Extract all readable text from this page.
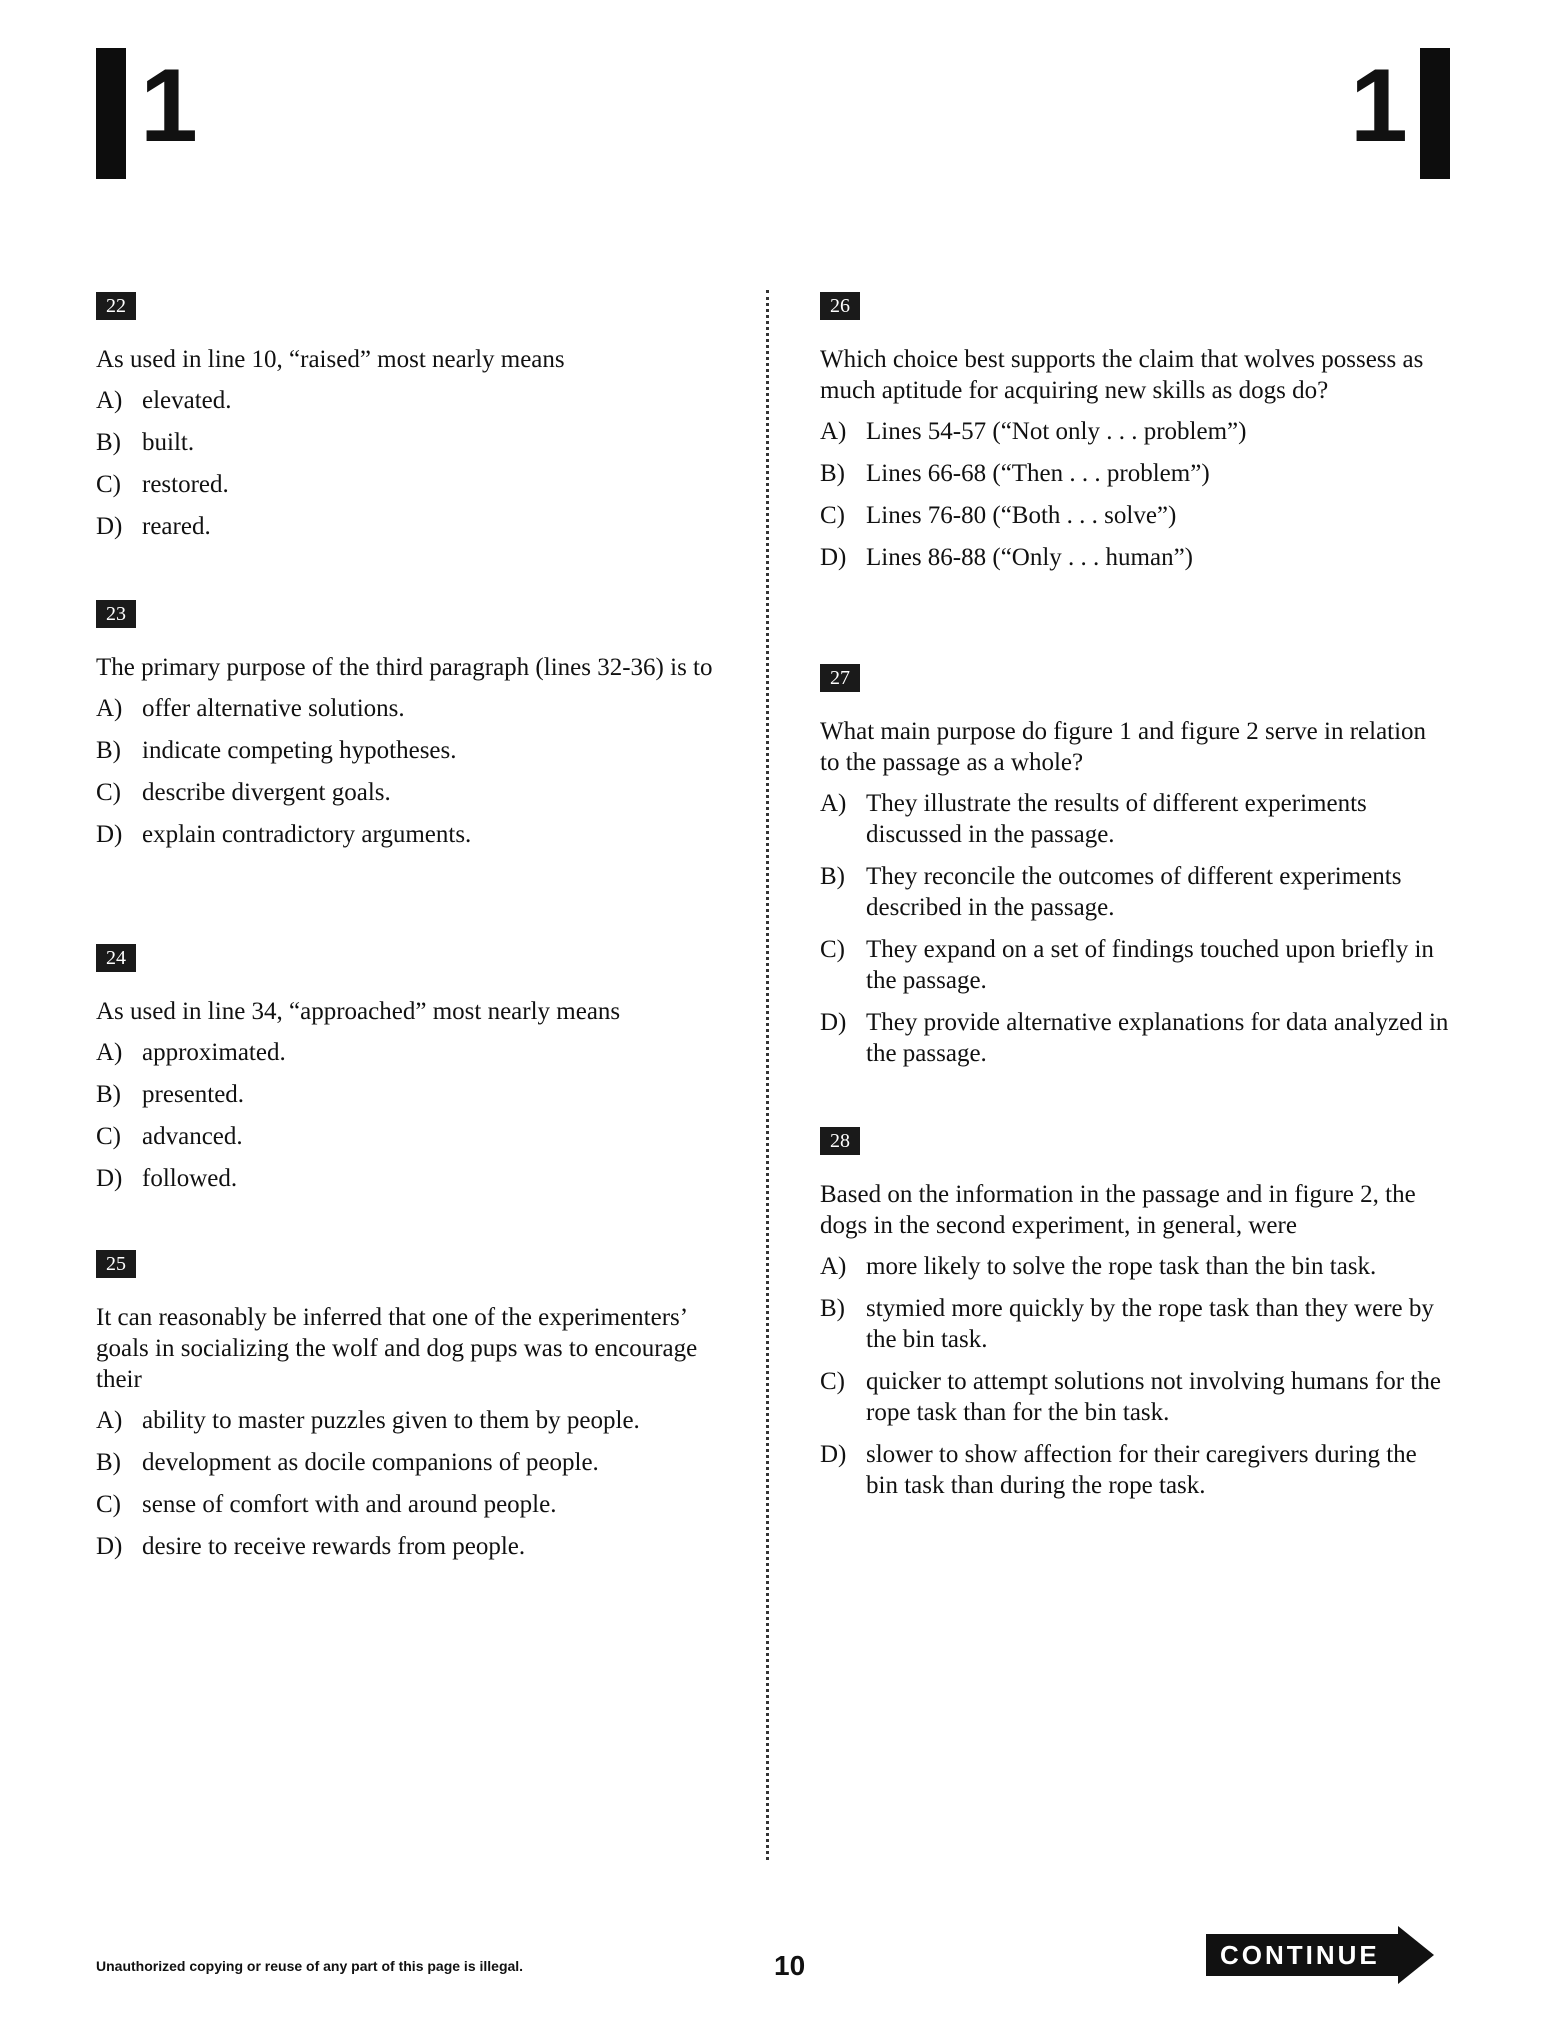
1	1
22
As used in line 10, “raised” most nearly means
A) elevated.
B) built.
C) restored.
D) reared.
23
The primary purpose of the third paragraph (lines 32-36) is to
A) offer alternative solutions.
B) indicate competing hypotheses.
C) describe divergent goals.
D) explain contradictory arguments.
24
As used in line 34, “approached” most nearly means
A) approximated.
B) presented.
C) advanced.
D) followed.
25
It can reasonably be inferred that one of the experimenters’ goals in socializing the wolf and dog pups was to encourage their
A) ability to master puzzles given to them by people.
B) development as docile companions of people.
C) sense of comfort with and around people.
D) desire to receive rewards from people.
26
Which choice best supports the claim that wolves possess as much aptitude for acquiring new skills as dogs do?
A) Lines 54-57 (“Not only . . . problem”)
B) Lines 66-68 (“Then . . . problem”)
C) Lines 76-80 (“Both . . . solve”)
D) Lines 86-88 (“Only . . . human”)
27
What main purpose do figure 1 and figure 2 serve in relation to the passage as a whole?
A) They illustrate the results of different experiments discussed in the passage.
B) They reconcile the outcomes of different experiments described in the passage.
C) They expand on a set of findings touched upon briefly in the passage.
D) They provide alternative explanations for data analyzed in the passage.
28
Based on the information in the passage and in figure 2, the dogs in the second experiment, in general, were
A) more likely to solve the rope task than the bin task.
B) stymied more quickly by the rope task than they were by the bin task.
C) quicker to attempt solutions not involving humans for the rope task than for the bin task.
D) slower to show affection for their caregivers during the bin task than during the rope task.
Unauthorized copying or reuse of any part of this page is illegal.	10	CONTINUE
